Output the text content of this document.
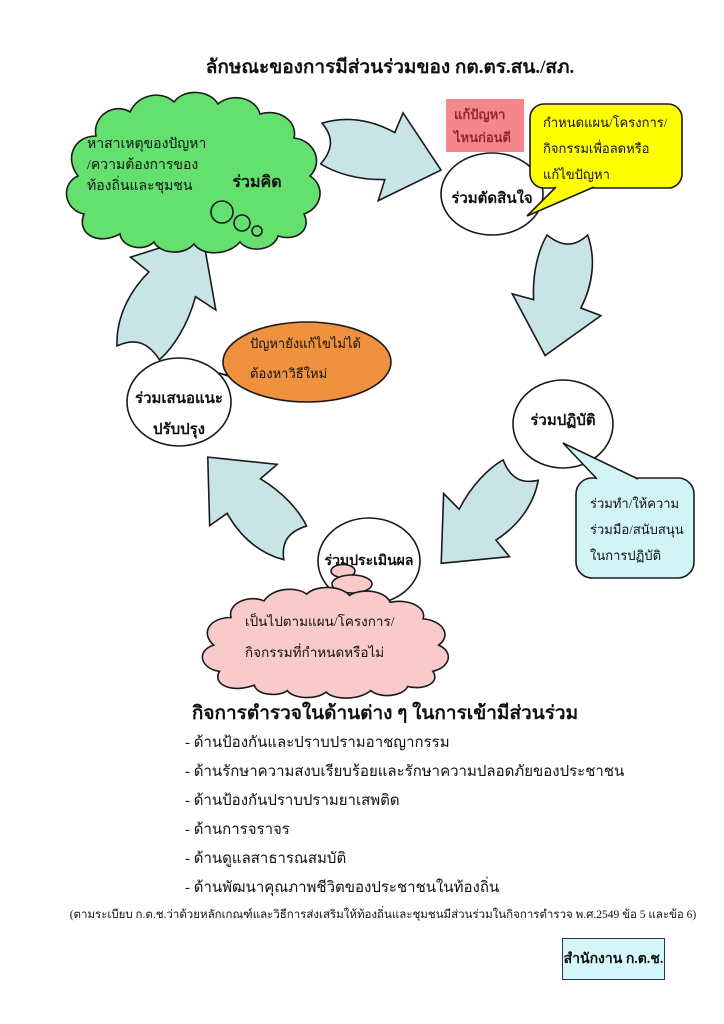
ลักษณะของการมีส่วนร่วมของ กต.ตร.สน./สภ.
หาสาเหตุของปัญหา
/ความต้องการของ
ท้องถิ่นและชุมชน	ร่วมคิด
ร่วมตัดสินใจ
ร่วมปฏิบัติ
ร่วมประเมินผล
ร่วมเสนอแนะ
ปรับปรุง
แก้ปัญหา
ไหนก่อนดี
กำหนดแผน/โครงการ/
กิจกรรมเพื่อลดหรือ
แก้ไขปัญหา
ปัญหายังแก้ไขไม่ได้
ต้องหาวิธีใหม่
ร่วมทำ/ให้ความ
ร่วมมือ/สนับสนุน
ในการปฏิบัติ
เป็นไปตามแผน/โครงการ/
กิจกรรมที่กำหนดหรือไม่
กิจการตำรวจในด้านต่าง ๆ ในการเข้ามีส่วนร่วม
- ด้านป้องกันและปราบปรามอาชญากรรม
- ด้านรักษาความสงบเรียบร้อยและรักษาความปลอดภัยของประชาชน
- ด้านป้องกันปราบปรามยาเสพติด
- ด้านการจราจร
- ด้านดูแลสาธารณสมบัติ
- ด้านพัฒนาคุณภาพชีวิตของประชาชนในท้องถิ่น
(ตามระเบียบ ก.ต.ช.ว่าด้วยหลักเกณฑ์และวิธีการส่งเสริมให้ท้องถิ่นและชุมชนมีส่วนร่วมในกิจการตำรวจ พ.ศ.2549 ข้อ 5 และข้อ 6)
สำนักงาน ก.ต.ช.
